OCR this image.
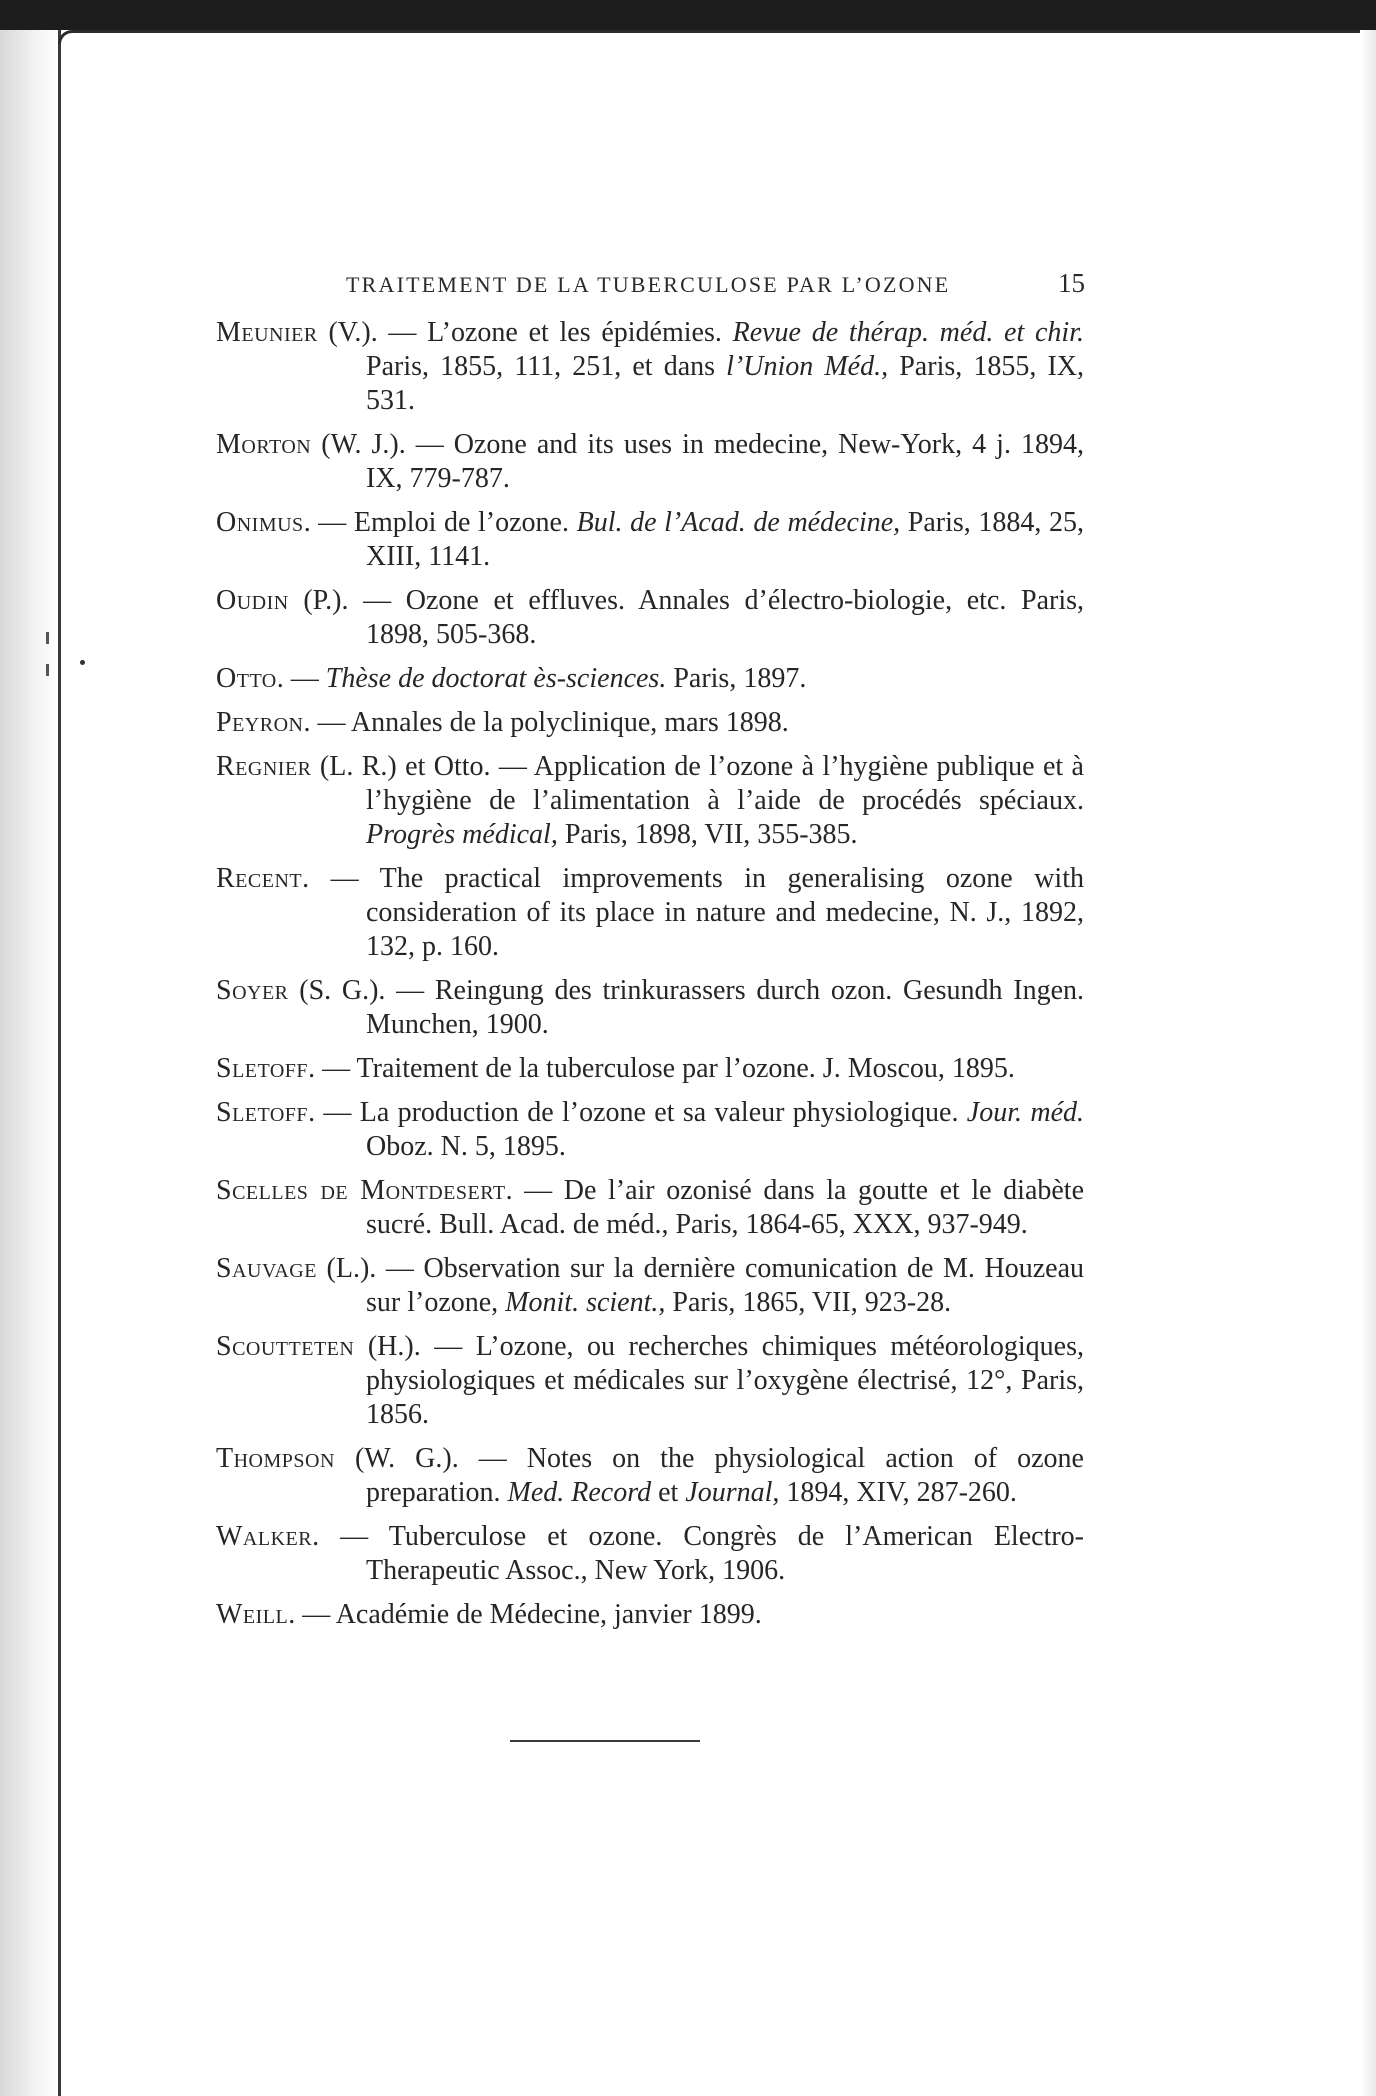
TRAITEMENT DE LA TUBERCULOSE PAR L’OZONE	15

Meunier (V.). — L’ozone et les épidémies. Revue de thérap. méd. et chir. Paris, 1855, 111, 251, et dans l’Union Méd., Paris, 1855, IX, 531.

Morton (W. J.). — Ozone and its uses in medecine, New-York, 4 j. 1894, IX, 779-787.

Onimus. — Emploi de l’ozone. Bul. de l’Acad. de médecine, Paris, 1884, 25, XIII, 1141.

Oudin (P.). — Ozone et effluves. Annales d’électro-biologie, etc. Paris, 1898, 505-368.

Otto. — Thèse de doctorat ès-sciences. Paris, 1897.

Peyron. — Annales de la polyclinique, mars 1898.

Regnier (L. R.) et Otto. — Application de l’ozone à l’hygiène publique et à l’hygiène de l’alimentation à l’aide de procédés spéciaux. Progrès médical, Paris, 1898, VII, 355-385.

Recent. — The practical improvements in generalising ozone with consideration of its place in nature and medecine, N. J., 1892, 132, p. 160.

Soyer (S. G.). — Reingung des trinkurassers durch ozon. Gesundh Ingen. Munchen, 1900.

Sletoff. — Traitement de la tuberculose par l’ozone. J. Moscou, 1895.

Sletoff. — La production de l’ozone et sa valeur physiologique. Jour. méd. Oboz. N. 5, 1895.

Scelles de Montdesert. — De l’air ozonisé dans la goutte et le diabète sucré. Bull. Acad. de méd., Paris, 1864-65, XXX, 937-949.

Sauvage (L.). — Observation sur la dernière comunication de M. Houzeau sur l’ozone, Monit. scient., Paris, 1865, VII, 923-28.

Scoutteten (H.). — L’ozone, ou recherches chimiques météorologiques, physiologiques et médicales sur l’oxygène électrisé, 12°, Paris, 1856.

Thompson (W. G.). — Notes on the physiological action of ozone preparation. Med. Record et Journal, 1894, XIV, 287-260.

Walker. — Tuberculose et ozone. Congrès de l’American Electro-Therapeutic Assoc., New York, 1906.

Weill. — Académie de Médecine, janvier 1899.
